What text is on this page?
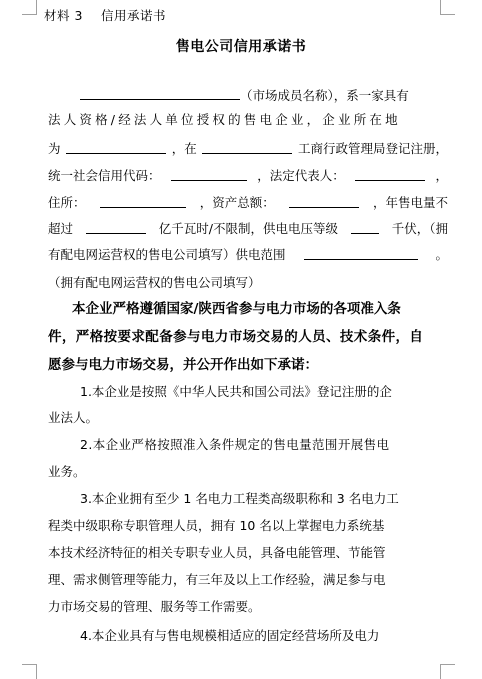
材料 3 信用承诺书
售电公司信用承诺书
（市场成员名称），系一家具有
法人资格/经法人单位授权的售电企业，企业所在地
为	，在	工商行政管理局登记注册，
统一社会信用代码：	，法定代表人：	，
住所：	，资产总额：	，年售电量不
超过	亿千瓦时/不限制，供电电压等级	千伏，（拥
有配电网运营权的售电公司填写）供电范围	。
（拥有配电网运营权的售电公司填写）
本企业严格遵循国家/陕西省参与电力市场的各项准入条
件，严格按要求配备参与电力市场交易的人员、技术条件，自
愿参与电力市场交易，并公开作出如下承诺：
1.本企业是按照《中华人民共和国公司法》登记注册的企
业法人。
2.本企业严格按照准入条件规定的售电量范围开展售电
业务。
3.本企业拥有至少 1 名电力工程类高级职称和 3 名电力工
程类中级职称专职管理人员，拥有 10 名以上掌握电力系统基
本技术经济特征的相关专职专业人员，具备电能管理、节能管
理、需求侧管理等能力，有三年及以上工作经验，满足参与电
力市场交易的管理、服务等工作需要。
4.本企业具有与售电规模相适应的固定经营场所及电力
